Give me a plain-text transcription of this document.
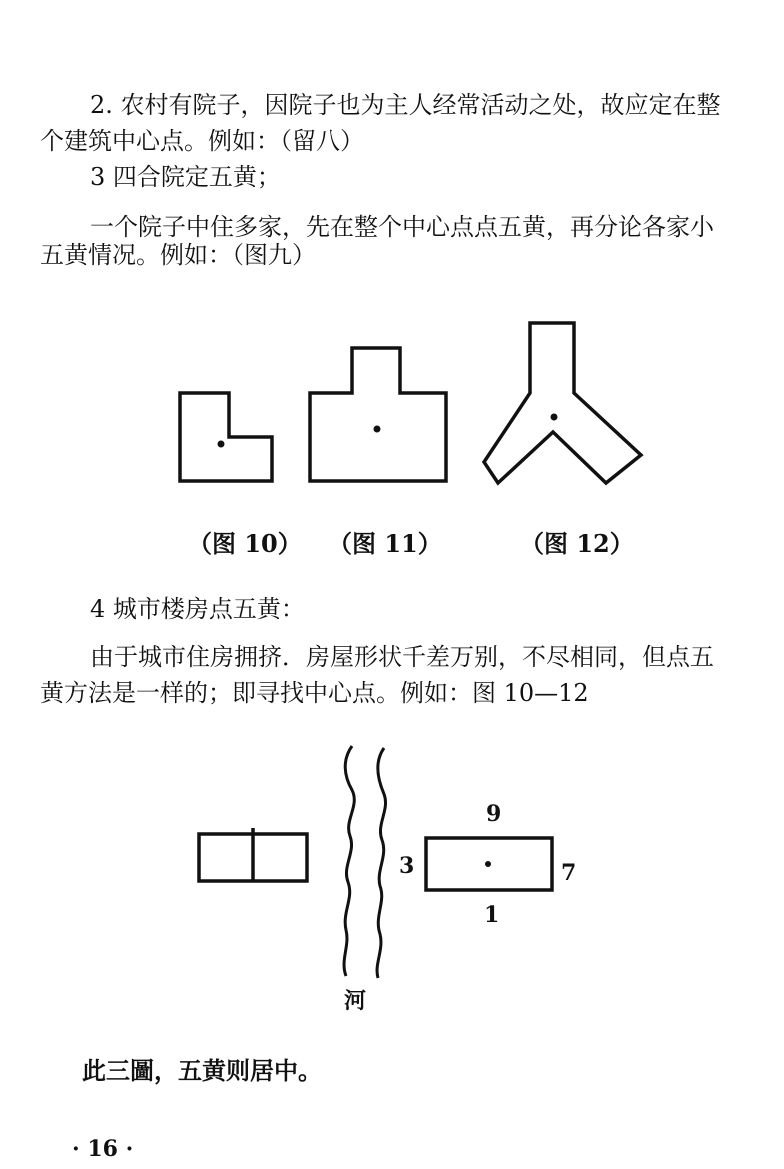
2. 农村有院子，因院子也为主人经常活动之处，故应定在整
个建筑中心点。例如：（留八）
3 四合院定五黄；
一个院子中住多家，先在整个中心点点五黄，再分论各家小
五黄情况。例如：（图九）
（图 10） （图 11）	（图 12）
4 城市楼房点五黄：
由于城市住房拥挤．房屋形状千差万别，不尽相同，但点五
黄方法是一样的；即寻找中心点。例如：图 10—12
9
3	7
1
河
此三圖，五黄则居中。
· 16 ·
